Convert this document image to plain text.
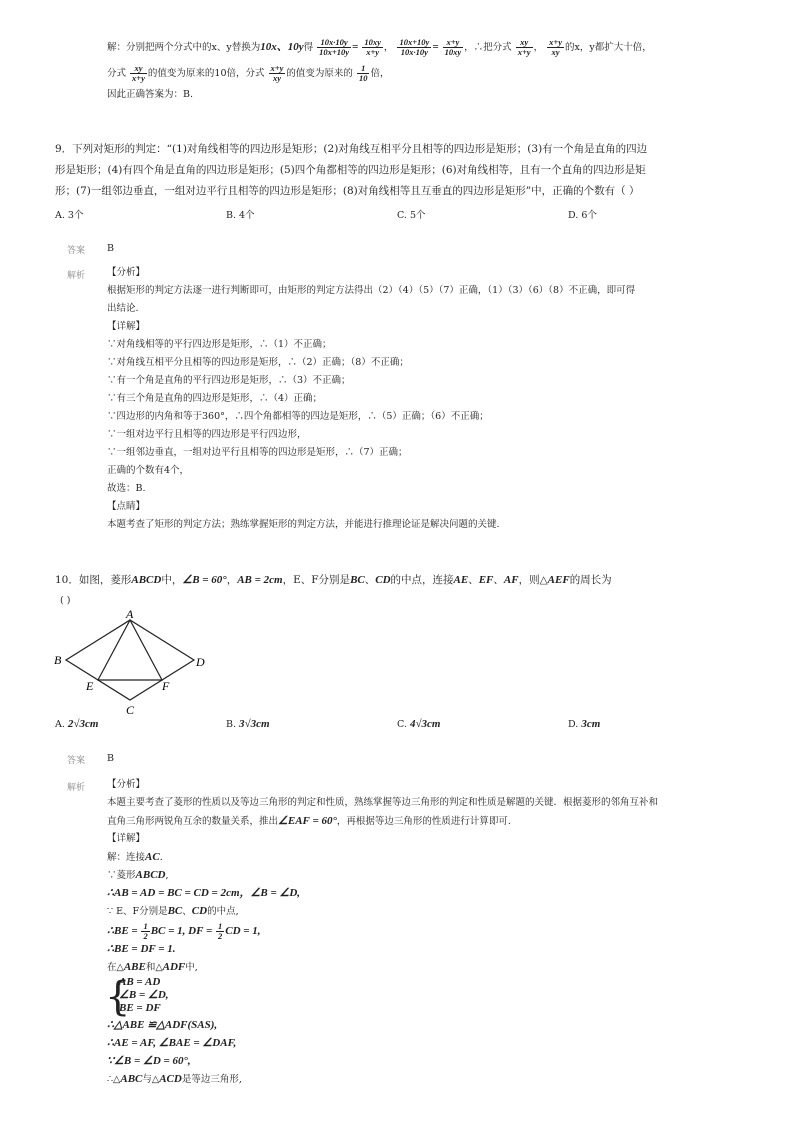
解：分别把两个分式中的x、y替换为10x、10y得 $\frac{10x\cdot 10y}{10x+10y} = \frac{10xy}{x+y}$ ， $\frac{10x+10y}{10x\cdot 10y} = \frac{x+y}{10xy}$ ，∴把分式 $\frac{xy}{x+y}$ ， $\frac{x+y}{xy}$ 的x，y都扩大十倍，
分式 $\frac{xy}{x+y}$ 的值变为原来的10倍，分式 $\frac{x+y}{xy}$ 的值变为原来的 $\frac{1}{10}$ 倍，
因此正确答案为：B.
9．下列对矩形的判定：“(1)对角线相等的四边形是矩形；(2)对角线互相平分且相等的四边形是矩形；(3)有一个角是直角的四边
形是矩形；(4)有四个角是直角的四边形是矩形；(5)四个角都相等的四边形是矩形；(6)对角线相等，且有一个直角的四边形是矩
形；(7)一组邻边垂直，一组对边平行且相等的四边形是矩形；(8)对角线相等且互垂直的四边形是矩形”中，正确的个数有（ ）
A. 3个	B. 4个	C. 5个	D. 6个
答案 B
解析 【分析】
根据矩形的判定方法逐一进行判断即可，由矩形的判定方法得出（2）（4）（5）（7）正确，（1）（3）（6）（8）不正确，即可得
出结论.
【详解】
∵对角线相等的平行四边形是矩形，∴（1）不正确；
∵对角线互相平分且相等的四边形是矩形，∴（2）正确；（8）不正确；
∵有一个角是直角的平行四边形是矩形，∴（3）不正确；
∵有三个角是直角的四边形是矩形，∴（4）正确；
∵四边形的内角和等于360°，∴四个角都相等的四边是矩形，∴（5）正确；（6）不正确；
∵一组对边平行且相等的四边形是平行四边形，
∵一组邻边垂直，一组对边平行且相等的四边形是矩形，∴（7）正确；
正确的个数有4个，
故选：B.
【点睛】
本题考查了矩形的判定方法；熟练掌握矩形的判定方法，并能进行推理论证是解决问题的关键.
10．如图，菱形ABCD中，∠B = 60°，AB = 2cm，E、F分别是BC、CD的中点，连接AE、EF、AF，则△AEF的周长为
( )
A
B
C
D
E	F
A. 2√3cm	B. 3√3cm	C. 4√3cm	D. 3cm
答案 B
解析 【分析】
本题主要考查了菱形的性质以及等边三角形的判定和性质，熟练掌握等边三角形的判定和性质是解题的关键．根据菱形的邻角互补和
直角三角形两锐角互余的数量关系，推出∠EAF = 60°，再根据等边三角形的性质进行计算即可.
【详解】
解：连接AC.
∵菱形ABCD,
∴AB = AD = BC = CD = 2cm，∠B = ∠D,
∵ E、F分别是BC、CD的中点,
∴BE = $\frac{1}{2}$ BC = 1, DF = $\frac{1}{2}$ CD = 1,
∴BE = DF = 1.
在△ABE和△ADF中,
{
AB = AD
∠B = ∠D,
BE = DF
∴△ABE ≌△ADF(SAS),
∴AE = AF, ∠BAE = ∠DAF,
∵∠B = ∠D = 60°,
∴△ABC与△ACD是等边三角形,
